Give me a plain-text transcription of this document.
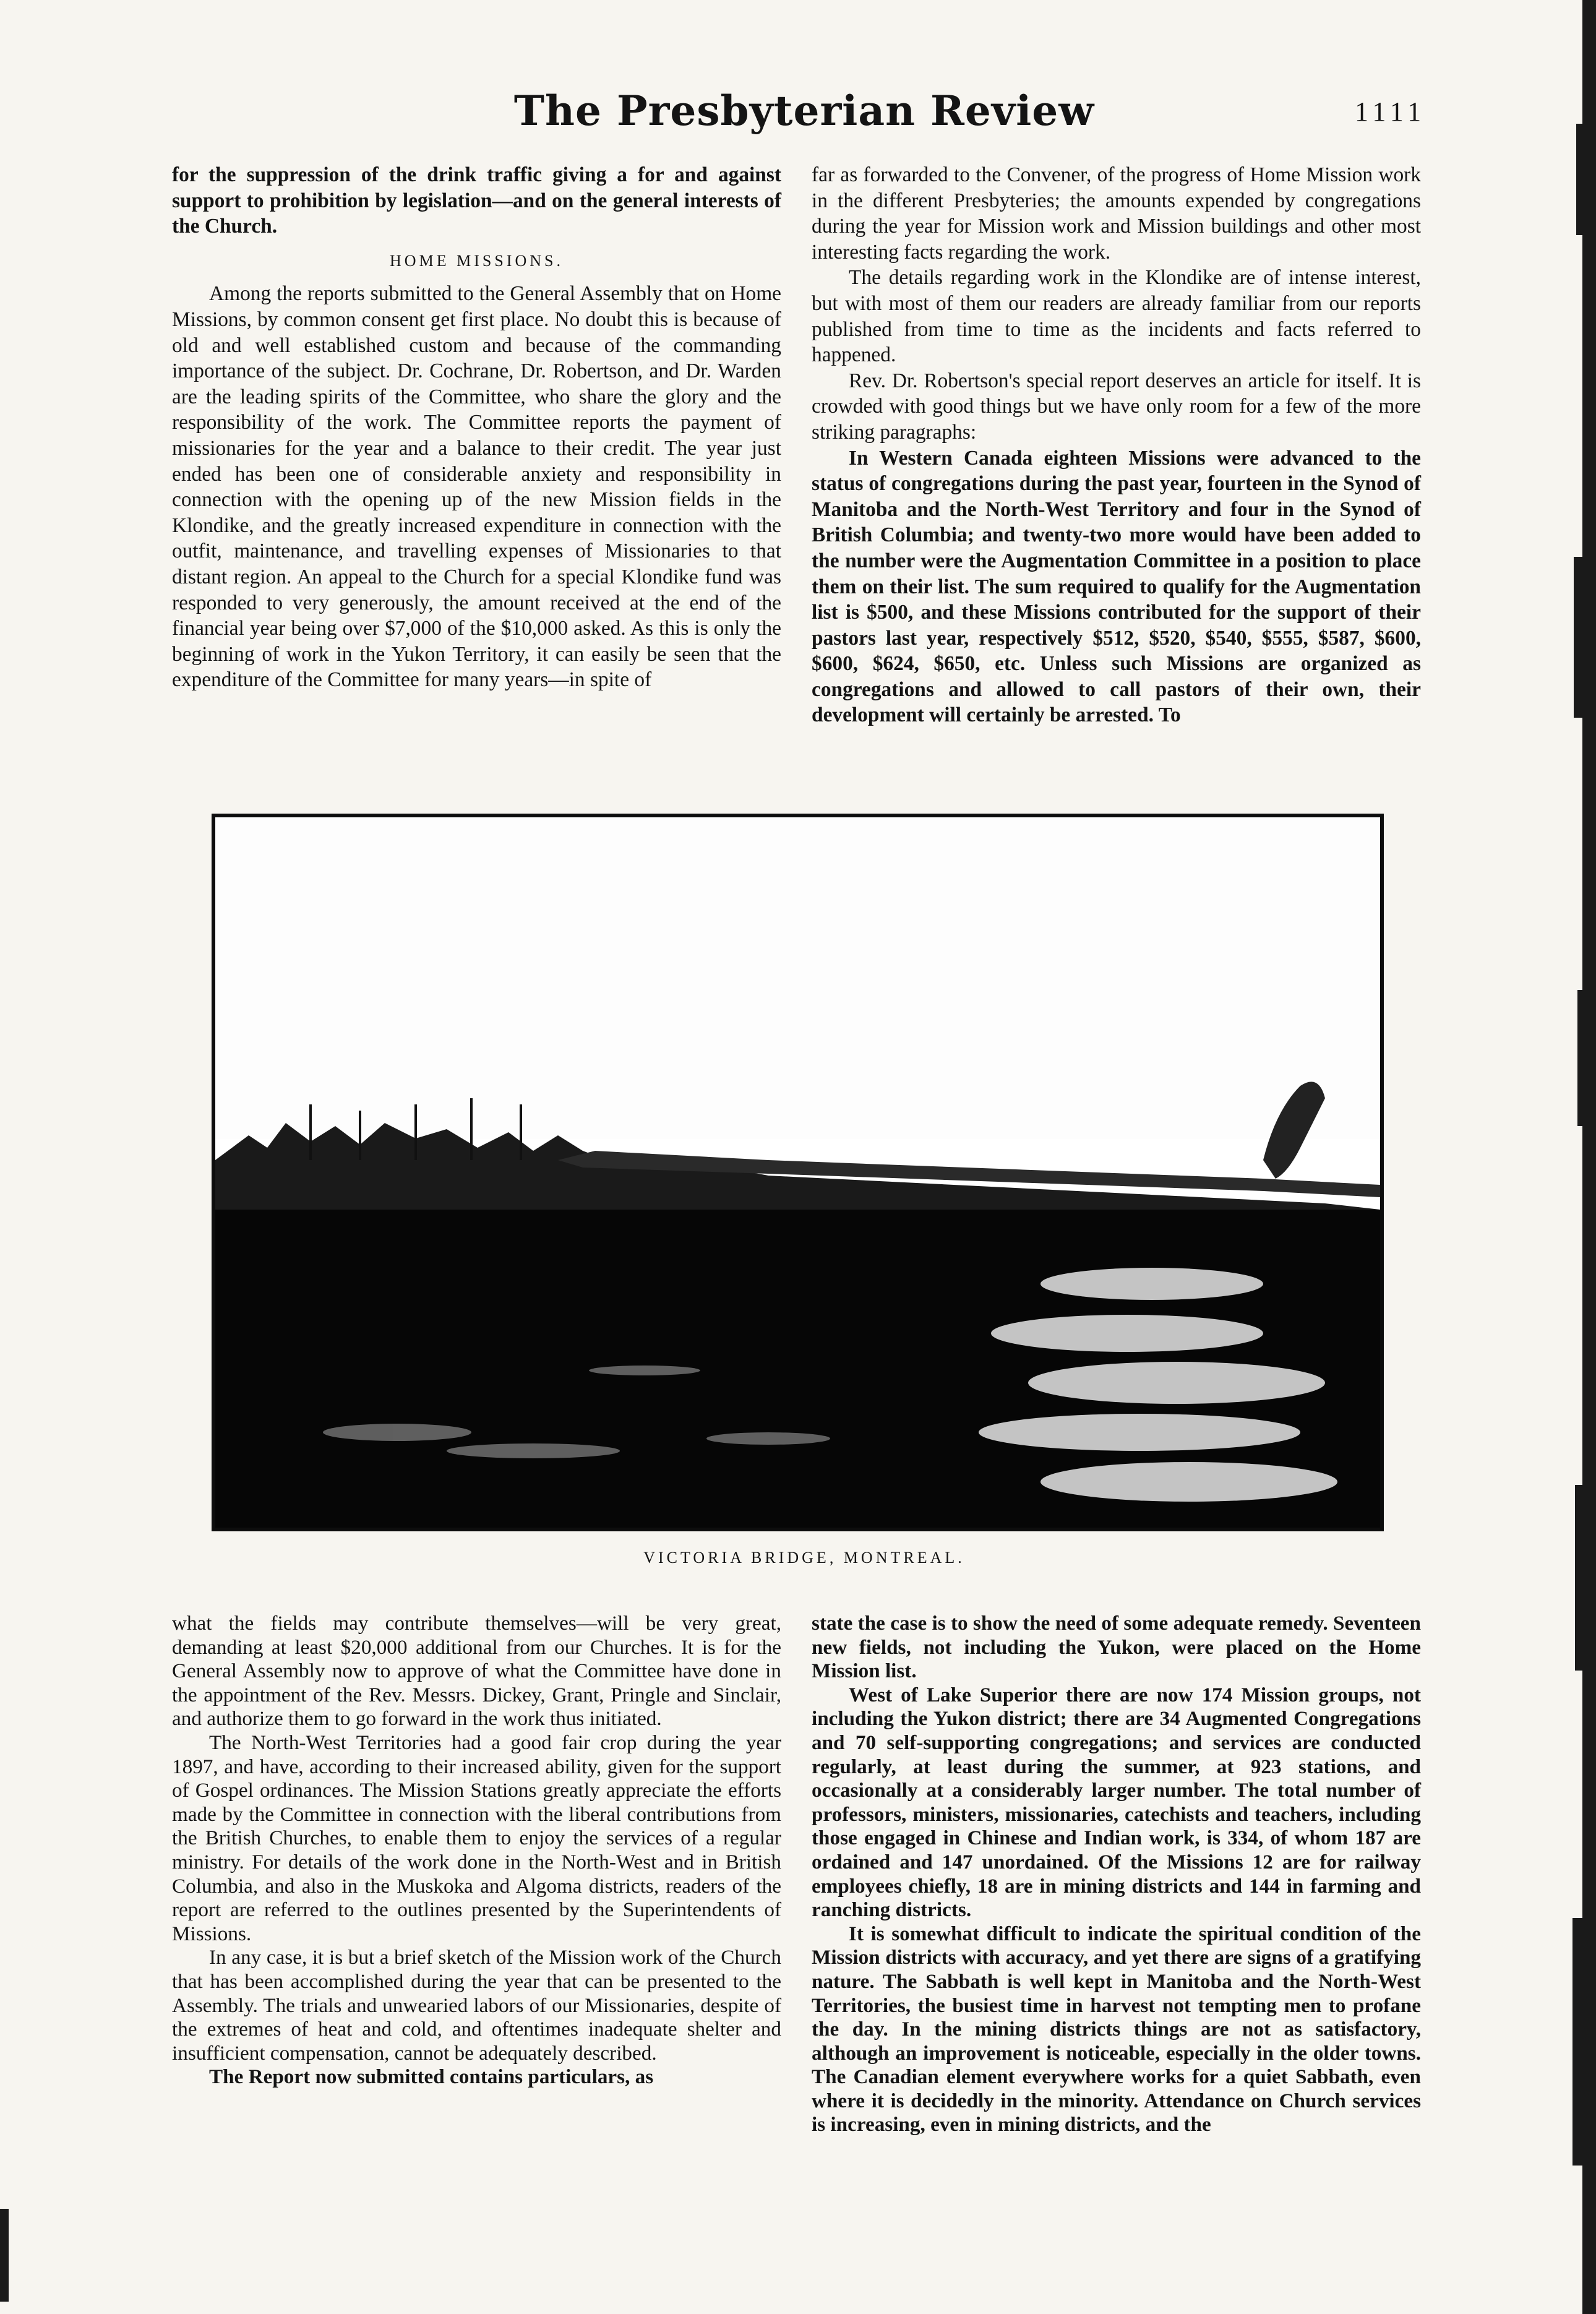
The Presbyterian Review	1111

for the suppression of the drink traffic giving a for and against support to prohibition by legislation—and on the general interests of the Church.

HOME MISSIONS.

Among the reports submitted to the General Assembly that on Home Missions, by common consent get first place. No doubt this is because of old and well established custom and because of the commanding importance of the subject. Dr. Cochrane, Dr. Robertson, and Dr. Warden are the leading spirits of the Committee, who share the glory and the responsibility of the work. The Committee reports the payment of missionaries for the year and a balance to their credit. The year just ended has been one of considerable anxiety and responsibility in connection with the opening up of the new Mission fields in the Klondike, and the greatly increased expenditure in connection with the outfit, maintenance, and travelling expenses of Missionaries to that distant region. An appeal to the Church for a special Klondike fund was responded to very generously, the amount received at the end of the financial year being over $7,000 of the $10,000 asked. As this is only the beginning of work in the Yukon Territory, it can easily be seen that the expenditure of the Committee for many years—in spite of

far as forwarded to the Convener, of the progress of Home Mission work in the different Presbyteries; the amounts expended by congregations during the year for Mission work and Mission buildings and other most interesting facts regarding the work.

The details regarding work in the Klondike are of intense interest, but with most of them our readers are already familiar from our reports published from time to time as the incidents and facts referred to happened.

Rev. Dr. Robertson's special report deserves an article for itself. It is crowded with good things but we have only room for a few of the more striking paragraphs:

In Western Canada eighteen Missions were advanced to the status of congregations during the past year, fourteen in the Synod of Manitoba and the North-West Territory and four in the Synod of British Columbia; and twenty-two more would have been added to the number were the Augmentation Committee in a position to place them on their list. The sum required to qualify for the Augmentation list is $500, and these Missions contributed for the support of their pastors last year, respectively $512, $520, $540, $555, $587, $600, $600, $624, $650, etc. Unless such Missions are organized as congregations and allowed to call pastors of their own, their development will certainly be arrested. To

VICTORIA BRIDGE, MONTREAL.

what the fields may contribute themselves—will be very great, demanding at least $20,000 additional from our Churches. It is for the General Assembly now to approve of what the Committee have done in the appointment of the Rev. Messrs. Dickey, Grant, Pringle and Sinclair, and authorize them to go forward in the work thus initiated.

The North-West Territories had a good fair crop during the year 1897, and have, according to their increased ability, given for the support of Gospel ordinances. The Mission Stations greatly appreciate the efforts made by the Committee in connection with the liberal contributions from the British Churches, to enable them to enjoy the services of a regular ministry. For details of the work done in the North-West and in British Columbia, and also in the Muskoka and Algoma districts, readers of the report are referred to the outlines presented by the Superintendents of Missions.

In any case, it is but a brief sketch of the Mission work of the Church that has been accomplished during the year that can be presented to the Assembly. The trials and unwearied labors of our Missionaries, despite of the extremes of heat and cold, and oftentimes inadequate shelter and insufficient compensation, cannot be adequately described.

The Report now submitted contains particulars, as

state the case is to show the need of some adequate remedy. Seventeen new fields, not including the Yukon, were placed on the Home Mission list.

West of Lake Superior there are now 174 Mission groups, not including the Yukon district; there are 34 Augmented Congregations and 70 self-supporting congregations; and services are conducted regularly, at least during the summer, at 923 stations, and occasionally at a considerably larger number. The total number of professors, ministers, missionaries, catechists and teachers, including those engaged in Chinese and Indian work, is 334, of whom 187 are ordained and 147 unordained. Of the Missions 12 are for railway employees chiefly, 18 are in mining districts and 144 in farming and ranching districts.

It is somewhat difficult to indicate the spiritual condition of the Mission districts with accuracy, and yet there are signs of a gratifying nature. The Sabbath is well kept in Manitoba and the North-West Territories, the busiest time in harvest not tempting men to profane the day. In the mining districts things are not as satisfactory, although an improvement is noticeable, especially in the older towns. The Canadian element everywhere works for a quiet Sabbath, even where it is decidedly in the minority. Attendance on Church services is increasing, even in mining districts, and the
